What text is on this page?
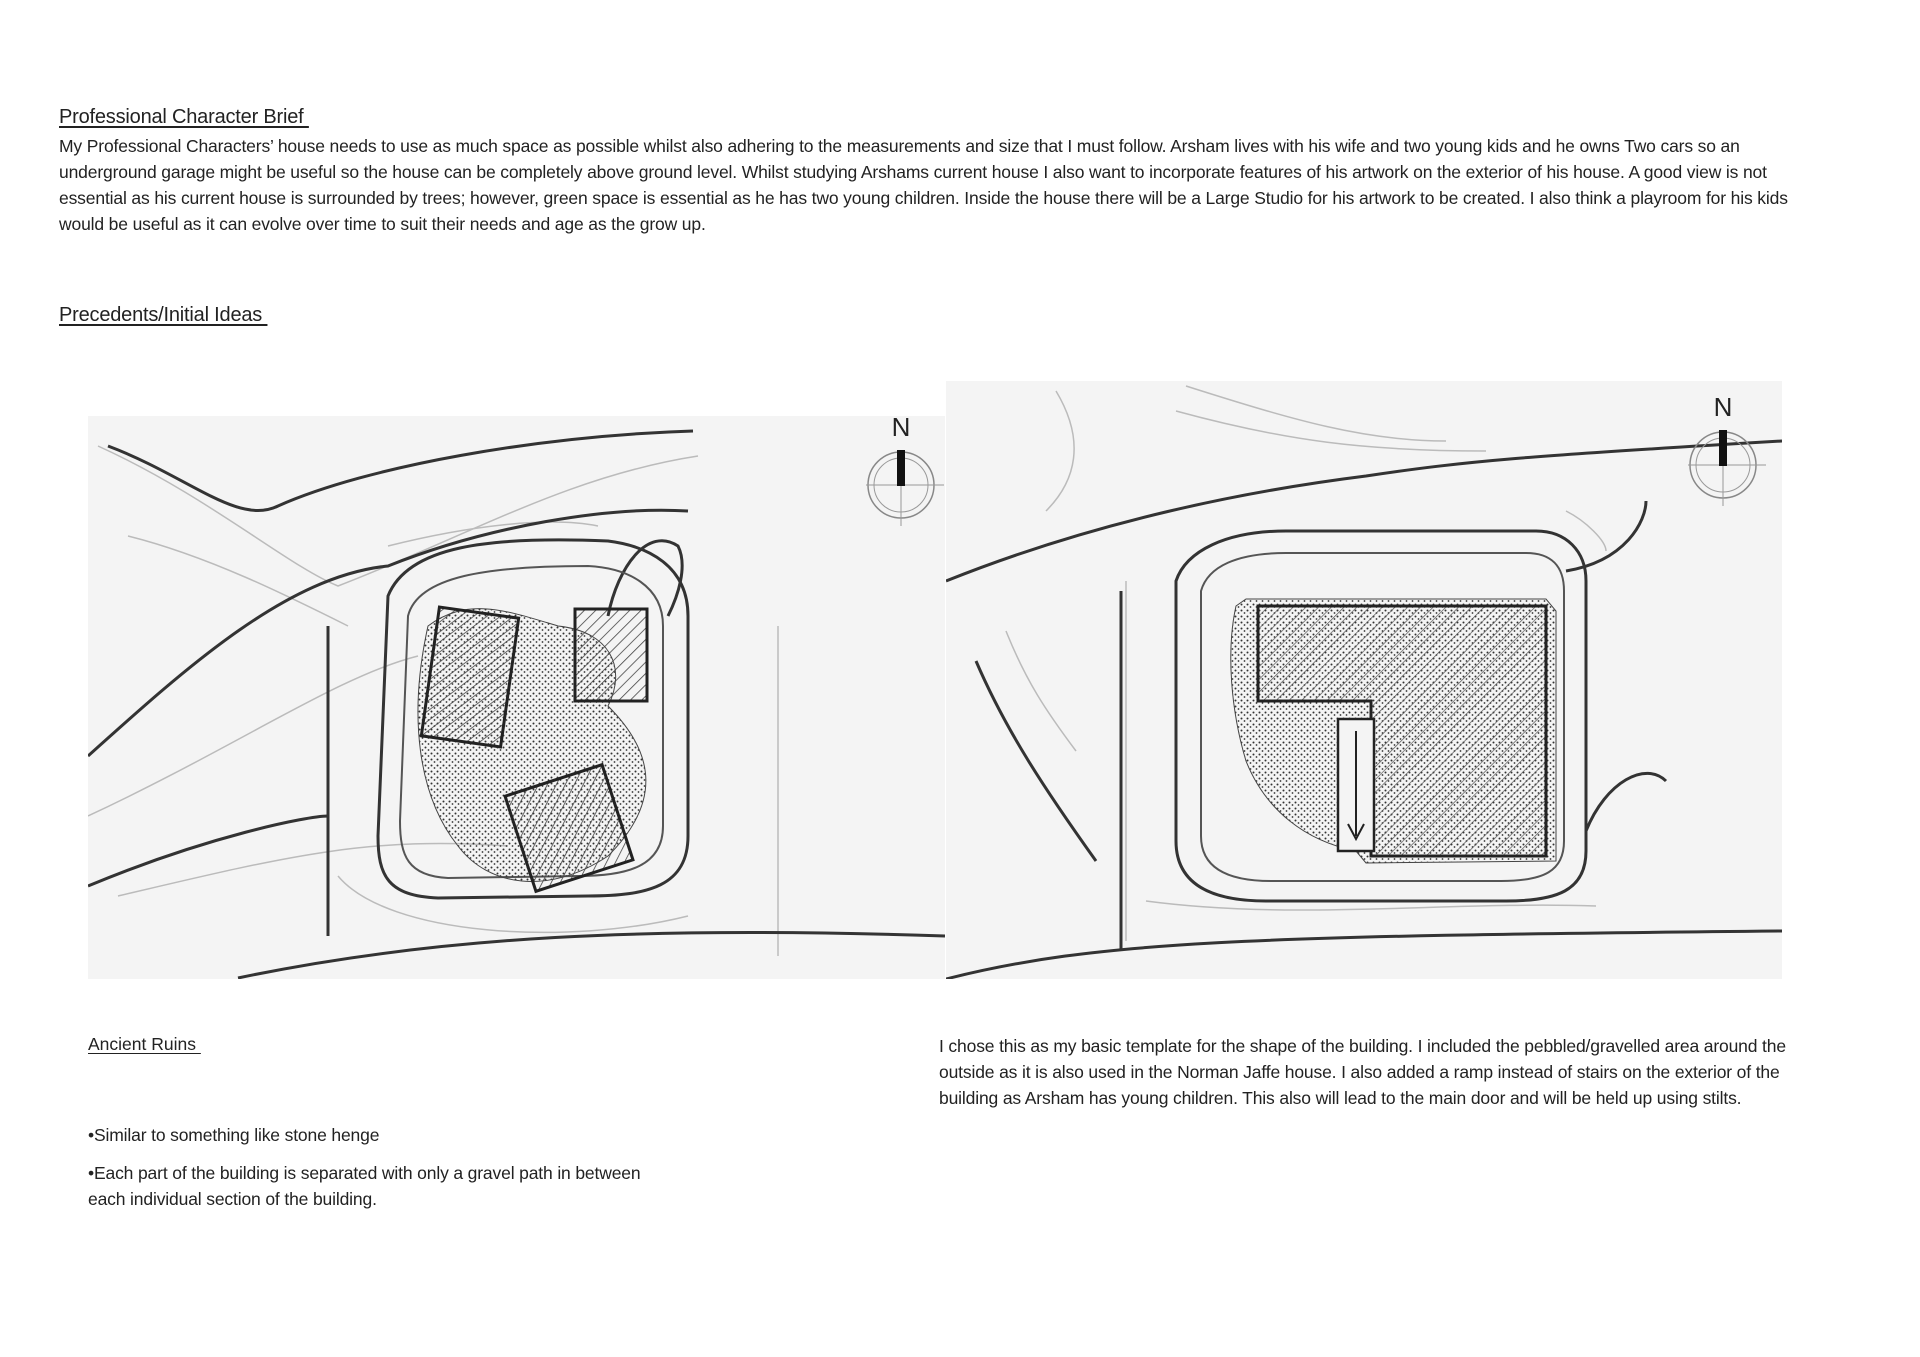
Professional Character Brief
My Professional Characters’ house needs to use as much space as possible whilst also adhering to the measurements and size that I must follow. Arsham lives with his wife and two young kids and he owns Two cars so an underground garage might be useful so the house can be completely above ground level. Whilst studying Arshams current house I also want to incorporate features of his artwork on the exterior of his house. A good view is not essential as his current house is surrounded by trees; however, green space is essential as he has two young children. Inside the house there will be a Large Studio for his artwork to be created. I also think a playroom for his kids would be useful as it can evolve over time to suit their needs and age as the grow up.
Precedents/Initial Ideas
N
N
Ancient Ruins
•Similar to something like stone henge
•Each part of the building is separated with only a gravel path in between each individual section of the building.
I chose this as my basic template for the shape of the building. I included the pebbled/gravelled area around the outside as it is also used in the Norman Jaffe house. I also added a ramp instead of stairs on the exterior of the building as Arsham has young children. This also will lead to the main door and will be held up using stilts.
